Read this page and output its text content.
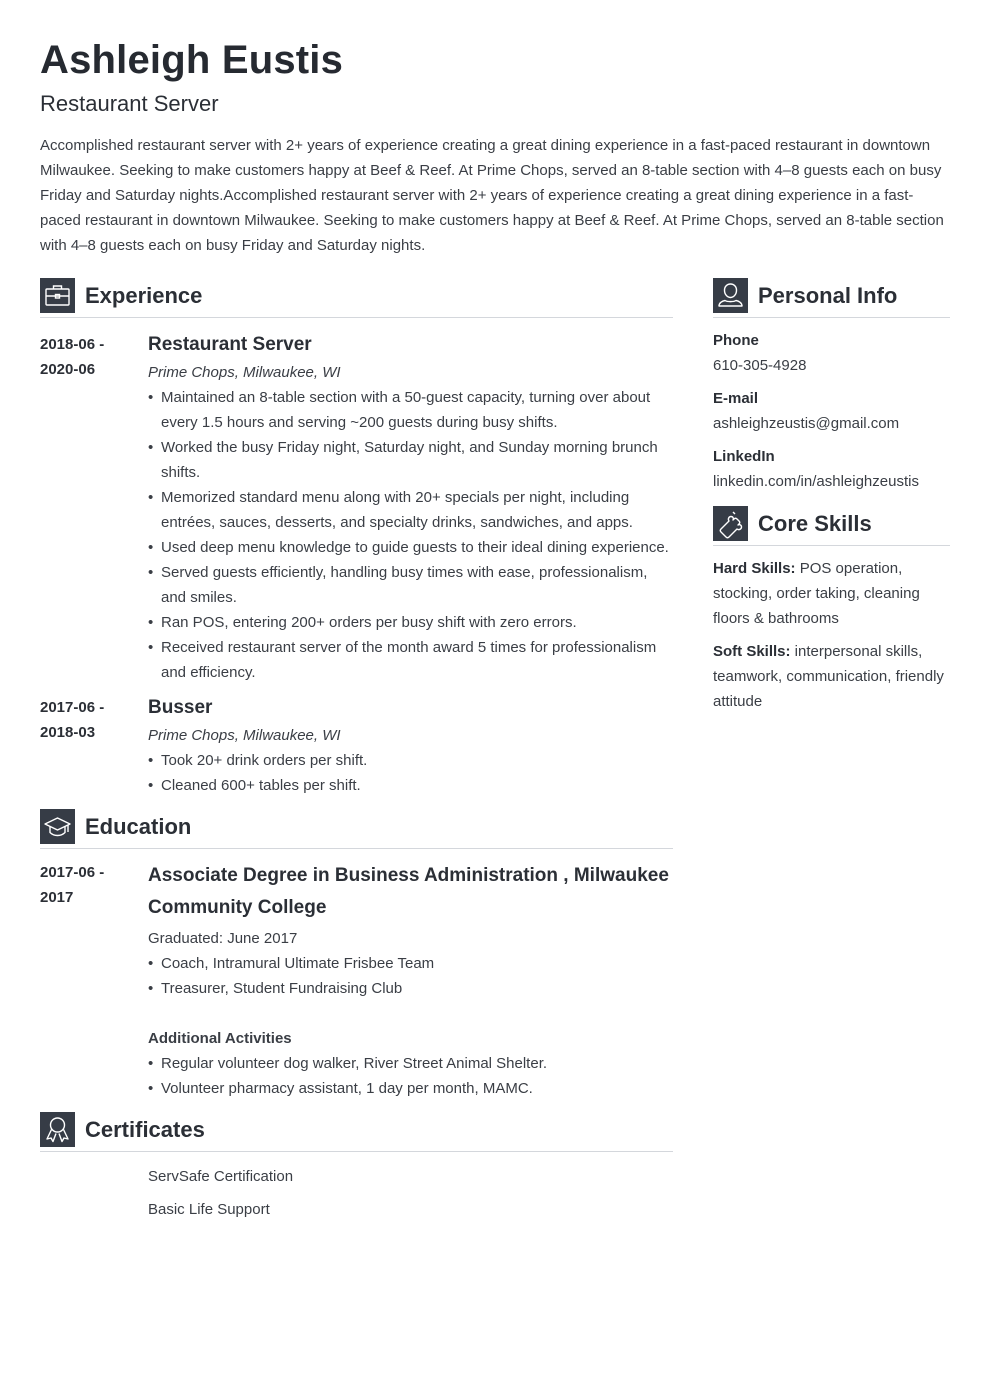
Ashleigh Eustis
Restaurant Server
Accomplished restaurant server with 2+ years of experience creating a great dining experience in a fast-paced restaurant in downtown Milwaukee. Seeking to make customers happy at Beef & Reef. At Prime Chops, served an 8-table section with 4–8 guests each on busy Friday and Saturday nights.Accomplished restaurant server with 2+ years of experience creating a great dining experience in a fast-paced restaurant in downtown Milwaukee. Seeking to make customers happy at Beef & Reef. At Prime Chops, served an 8-table section with 4–8 guests each on busy Friday and Saturday nights.
Experience
2018-06 -
2020-06
Restaurant Server
Prime Chops, Milwaukee, WI
• Maintained an 8-table section with a 50-guest capacity, turning over about every 1.5 hours and serving ~200 guests during busy shifts.
• Worked the busy Friday night, Saturday night, and Sunday morning brunch shifts.
• Memorized standard menu along with 20+ specials per night, including entrées, sauces, desserts, and specialty drinks, sandwiches, and apps.
• Used deep menu knowledge to guide guests to their ideal dining experience.
• Served guests efficiently, handling busy times with ease, professionalism, and smiles.
• Ran POS, entering 200+ orders per busy shift with zero errors.
• Received restaurant server of the month award 5 times for professionalism and efficiency.
2017-06 -
2018-03
Busser
Prime Chops, Milwaukee, WI
• Took 20+ drink orders per shift.
• Cleaned 600+ tables per shift.
Education
2017-06 -
2017
Associate Degree in Business Administration , Milwaukee Community College
Graduated: June 2017
• Coach, Intramural Ultimate Frisbee Team
• Treasurer, Student Fundraising Club
Additional Activities
• Regular volunteer dog walker, River Street Animal Shelter.
• Volunteer pharmacy assistant, 1 day per month, MAMC.
Certificates
ServSafe Certification
Basic Life Support
Personal Info
Phone
610-305-4928
E-mail
ashleighzeustis@gmail.com
LinkedIn
linkedin.com/in/ashleighzeustis
Core Skills
Hard Skills: POS operation, stocking, order taking, cleaning floors & bathrooms
Soft Skills: interpersonal skills, teamwork, communication, friendly attitude
